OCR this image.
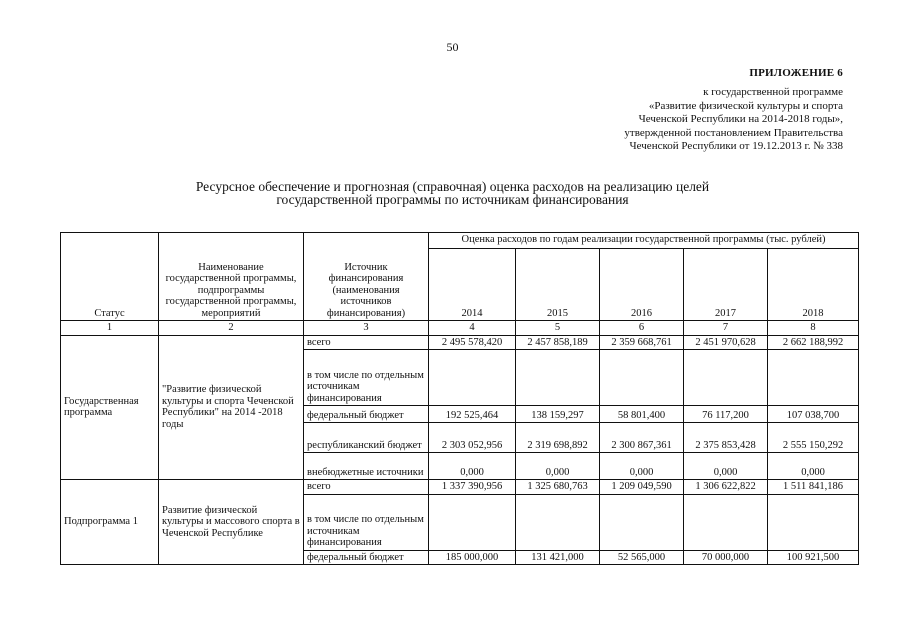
50
ПРИЛОЖЕНИЕ 6
к государственной программе
«Развитие физической культуры и спорта
Чеченской Республики на 2014-2018 годы»,
утвержденной постановлением Правительства
Чеченской Республики от 19.12.2013 г. № 338
Ресурсное обеспечение и прогнозная (справочная) оценка расходов на реализацию целей
государственной программы по источникам финансирования
Статус	Наименование государственной программы, подпрограммы государственной программы, мероприятий	Источник финансирования (наименования источников финансирования)	Оценка расходов по годам реализации государственной программы (тыс. рублей)				
			2014	2015	2016	2017	2018
1	2	3	4	5	6	7	8
Государственная программа	"Развитие физической культуры и спорта Чеченской Республики" на 2014 -2018 годы	всего	2 495 578,420	2 457 858,189	2 359 668,761	2 451 970,628	2 662 188,992
		в том числе по отдельным источникам финансирования					
		федеральный бюджет	192 525,464	138 159,297	58 801,400	76 117,200	107 038,700
		республиканский бюджет	2 303 052,956	2 319 698,892	2 300 867,361	2 375 853,428	2 555 150,292
		внебюджетные источники	0,000	0,000	0,000	0,000	0,000
Подпрограмма 1	Развитие физической культуры и массового спорта в Чеченской Республике	всего	1 337 390,956	1 325 680,763	1 209 049,590	1 306 622,822	1 511 841,186
		в том числе по отдельным источникам финансирования					
		федеральный бюджет	185 000,000	131 421,000	52 565,000	70 000,000	100 921,500
